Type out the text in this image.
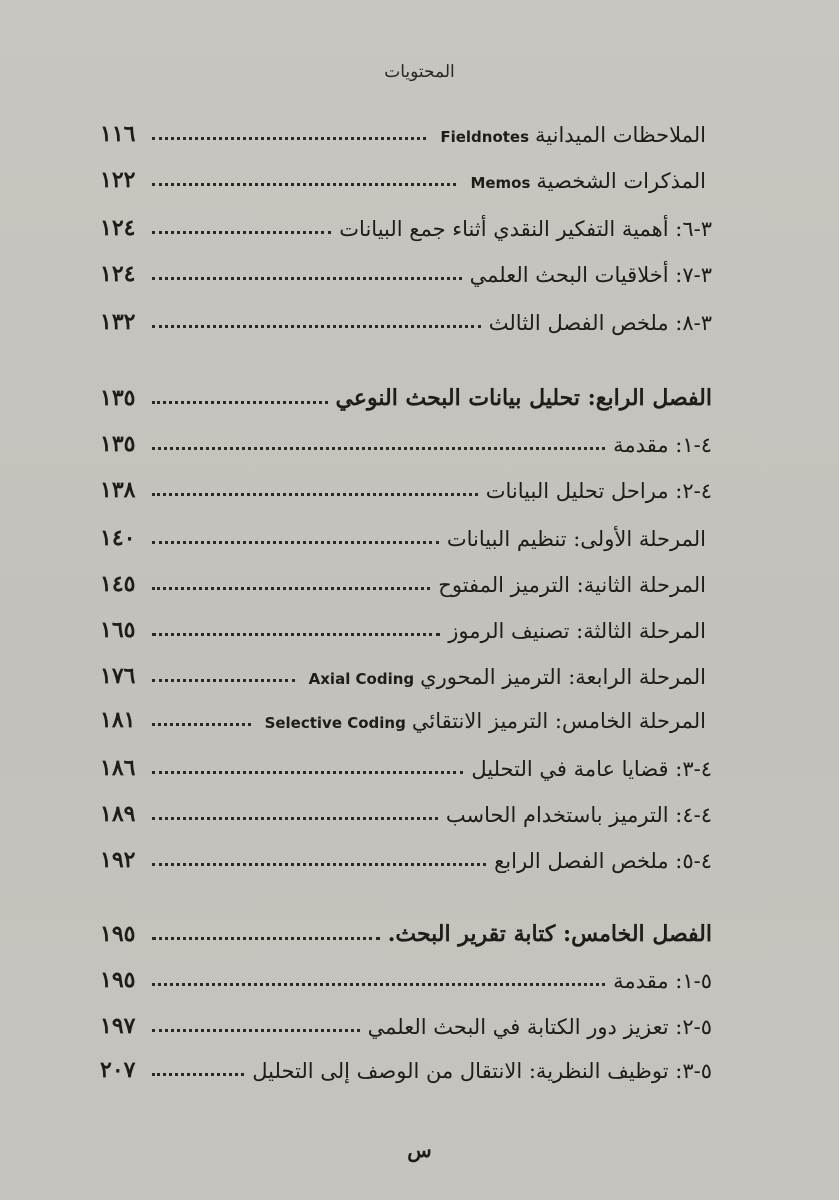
المحتويات
الملاحظات الميدانيةFieldnotes
١١٦
المذكرات الشخصيةMemos
١٢٢
٣-٦: أهمية التفكير النقدي أثناء جمع البيانات
١٢٤
٣-٧: أخلاقيات البحث العلمي
١٢٤
٣-٨: ملخص الفصل الثالث
١٣٢
الفصل الرابع: تحليل بيانات البحث النوعي
١٣٥
٤-١: مقدمة
١٣٥
٤-٢: مراحل تحليل البيانات
١٣٨
المرحلة الأولى: تنظيم البيانات
١٤٠
المرحلة الثانية: الترميز المفتوح
١٤٥
المرحلة الثالثة: تصنيف الرموز
١٦٥
المرحلة الرابعة: الترميز المحوريAxial Coding
١٧٦
المرحلة الخامس: الترميز الانتقائيSelective Coding
١٨١
٤-٣: قضايا عامة في التحليل
١٨٦
٤-٤: الترميز باستخدام الحاسب
١٨٩
٤-٥: ملخص الفصل الرابع
١٩٢
الفصل الخامس: كتابة تقرير البحث.
١٩٥
٥-١: مقدمة
١٩٥
٥-٢: تعزيز دور الكتابة في البحث العلمي
١٩٧
٥-٣: توظيف النظرية: الانتقال من الوصف إلى التحليل
٢٠٧
س
